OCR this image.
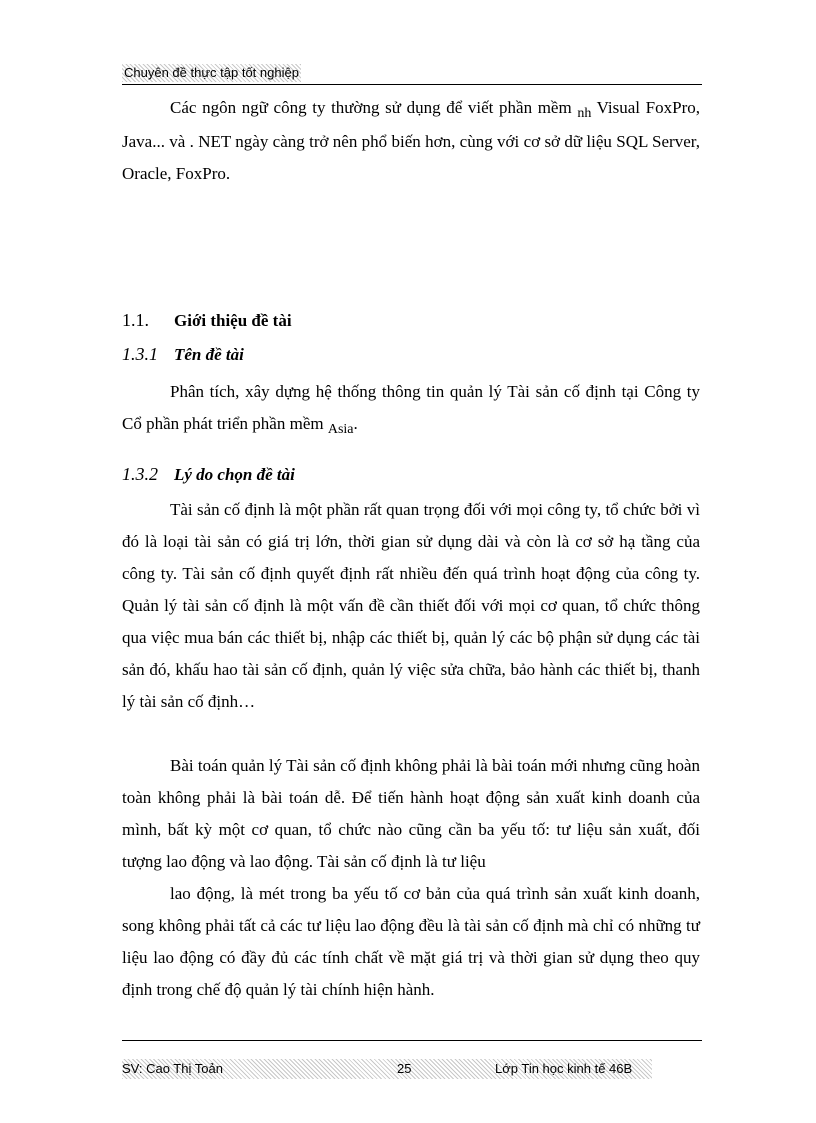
Chuyên đề thực tập tốt nghiệp

Các ngôn ngữ công ty thường sử dụng để viết phần mềm $_{nh}$ Visual FoxPro, Java... và . NET ngày càng trở nên phổ biến hơn, cùng với cơ sở dữ liệu SQL Server, Oracle, FoxPro.

1.1. Giới thiệu đề tài
1.3.1 Tên đề tài

Phân tích, xây dựng hệ thống thông tin quản lý Tài sản cố định tại Công ty Cổ phần phát triển phần mềm $_{Asia}$.

1.3.2 Lý do chọn đề tài

Tài sản cố định là một phần rất quan trọng đối với mọi công ty, tổ chức bởi vì đó là loại tài sản có giá trị lớn, thời gian sử dụng dài và còn là cơ sở hạ tầng của công ty. Tài sản cố định quyết định rất nhiều đến quá trình hoạt động của công ty. Quản lý tài sản cố định là một vấn đề cần thiết đối với mọi cơ quan, tổ chức thông qua việc mua bán các thiết bị, nhập các thiết bị, quản lý các bộ phận sử dụng các tài sản đó, khấu hao tài sản cố định, quản lý việc sửa chữa, bảo hành các thiết bị, thanh lý tài sản cố định…

Bài toán quản lý Tài sản cố định không phải là bài toán mới nhưng cũng hoàn toàn không phải là bài toán dễ. Để tiến hành hoạt động sản xuất kinh doanh của mình, bất kỳ một cơ quan, tổ chức nào cũng cần ba yếu tố: tư liệu sản xuất, đối tượng lao động và lao động. Tài sản cố định là tư liệu

lao động, là mét trong ba yếu tố cơ bản của quá trình sản xuất kinh doanh, song không phải tất cả các tư liệu lao động đều là tài sản cố định mà chỉ có những tư liệu lao động có đầy đủ các tính chất về mặt giá trị và thời gian sử dụng theo quy định trong chế độ quản lý tài chính hiện hành.

SV: Cao Thị Toản	25	Lớp Tin học kinh tế 46B
